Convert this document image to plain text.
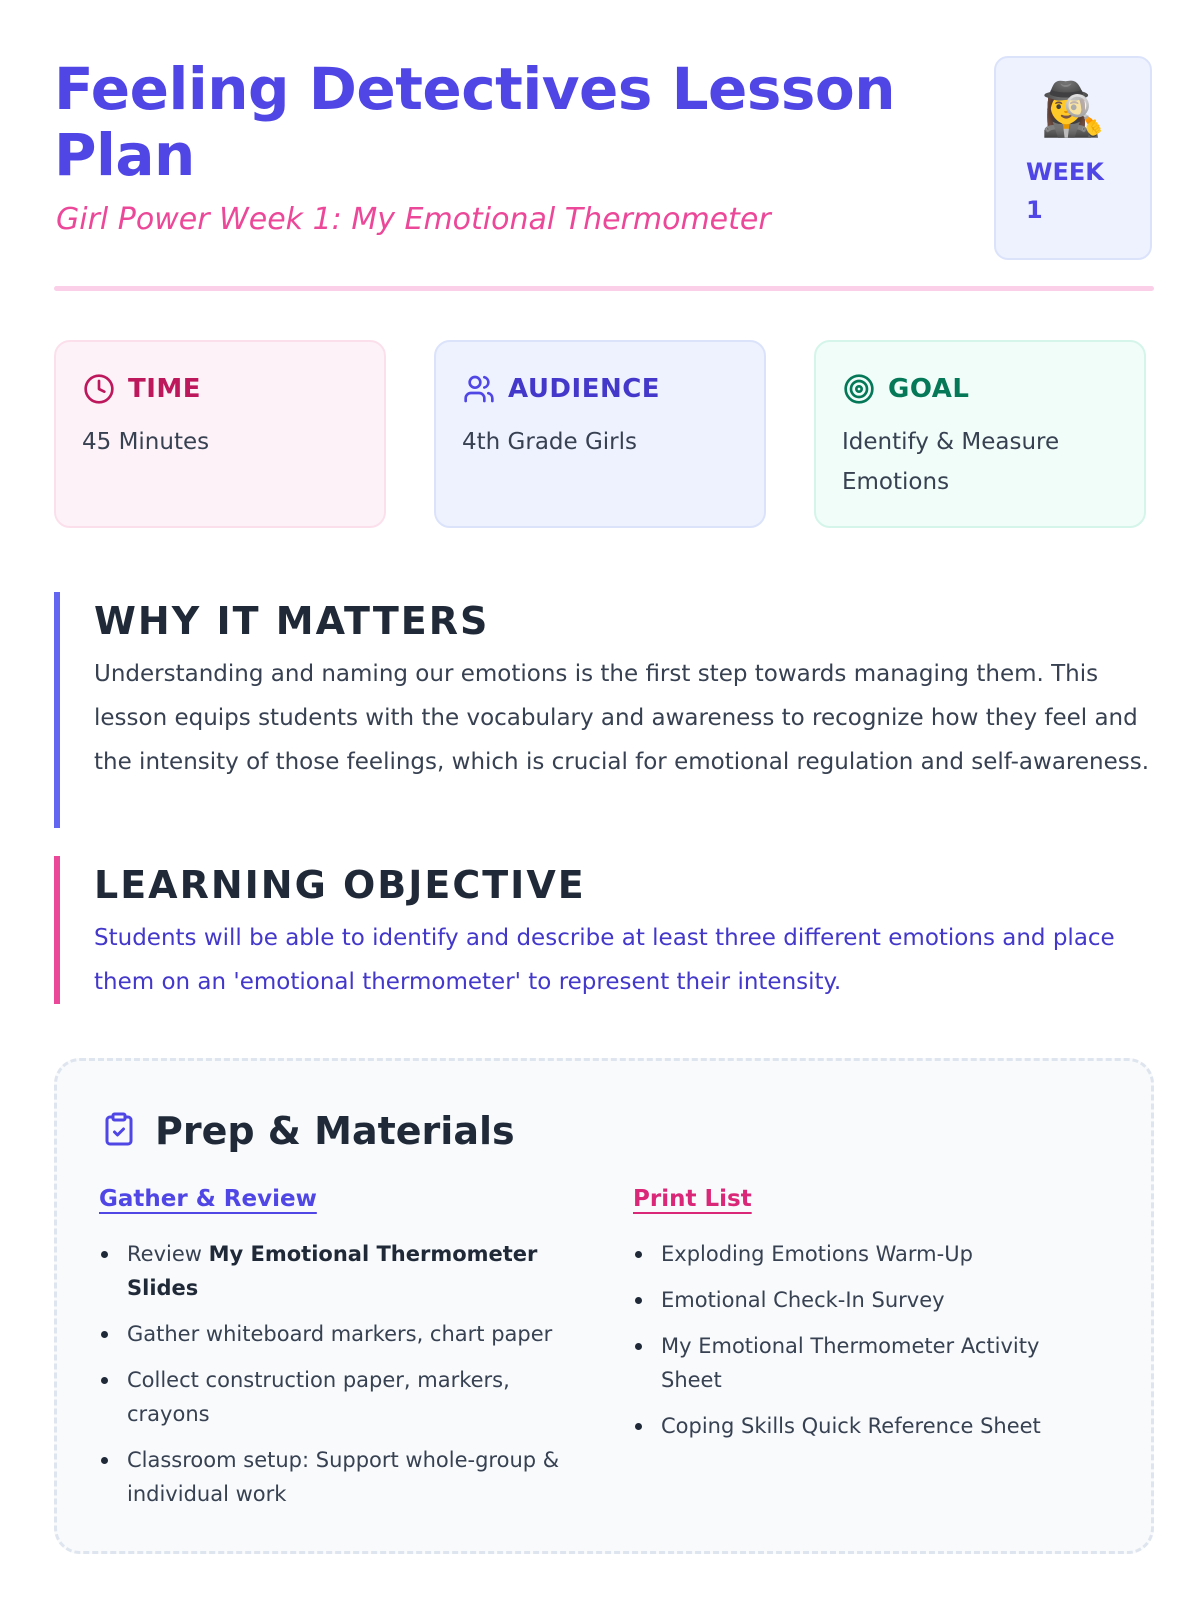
Feeling Detectives Lesson Plan
Girl Power Week 1: My Emotional Thermometer
🕵️‍♀️
WEEK
1
TIME
45 Minutes
AUDIENCE
4th Grade Girls
GOAL
Identify & Measure Emotions
WHY IT MATTERS

Understanding and naming our emotions is the first step towards managing them. This lesson equips students with the vocabulary and awareness to recognize how they feel and the intensity of those feelings, which is crucial for emotional regulation and self-awareness.

LEARNING OBJECTIVE

Students will be able to identify and describe at least three different emotions and place them on an 'emotional thermometer' to represent their intensity.

Prep & Materials
Gather & Review
Review My Emotional Thermometer Slides
Gather whiteboard markers, chart paper
Collect construction paper, markers, crayons
Classroom setup: Support whole-group & individual work
Print List
Exploding Emotions Warm-Up
Emotional Check-In Survey
My Emotional Thermometer Activity Sheet
Coping Skills Quick Reference Sheet
